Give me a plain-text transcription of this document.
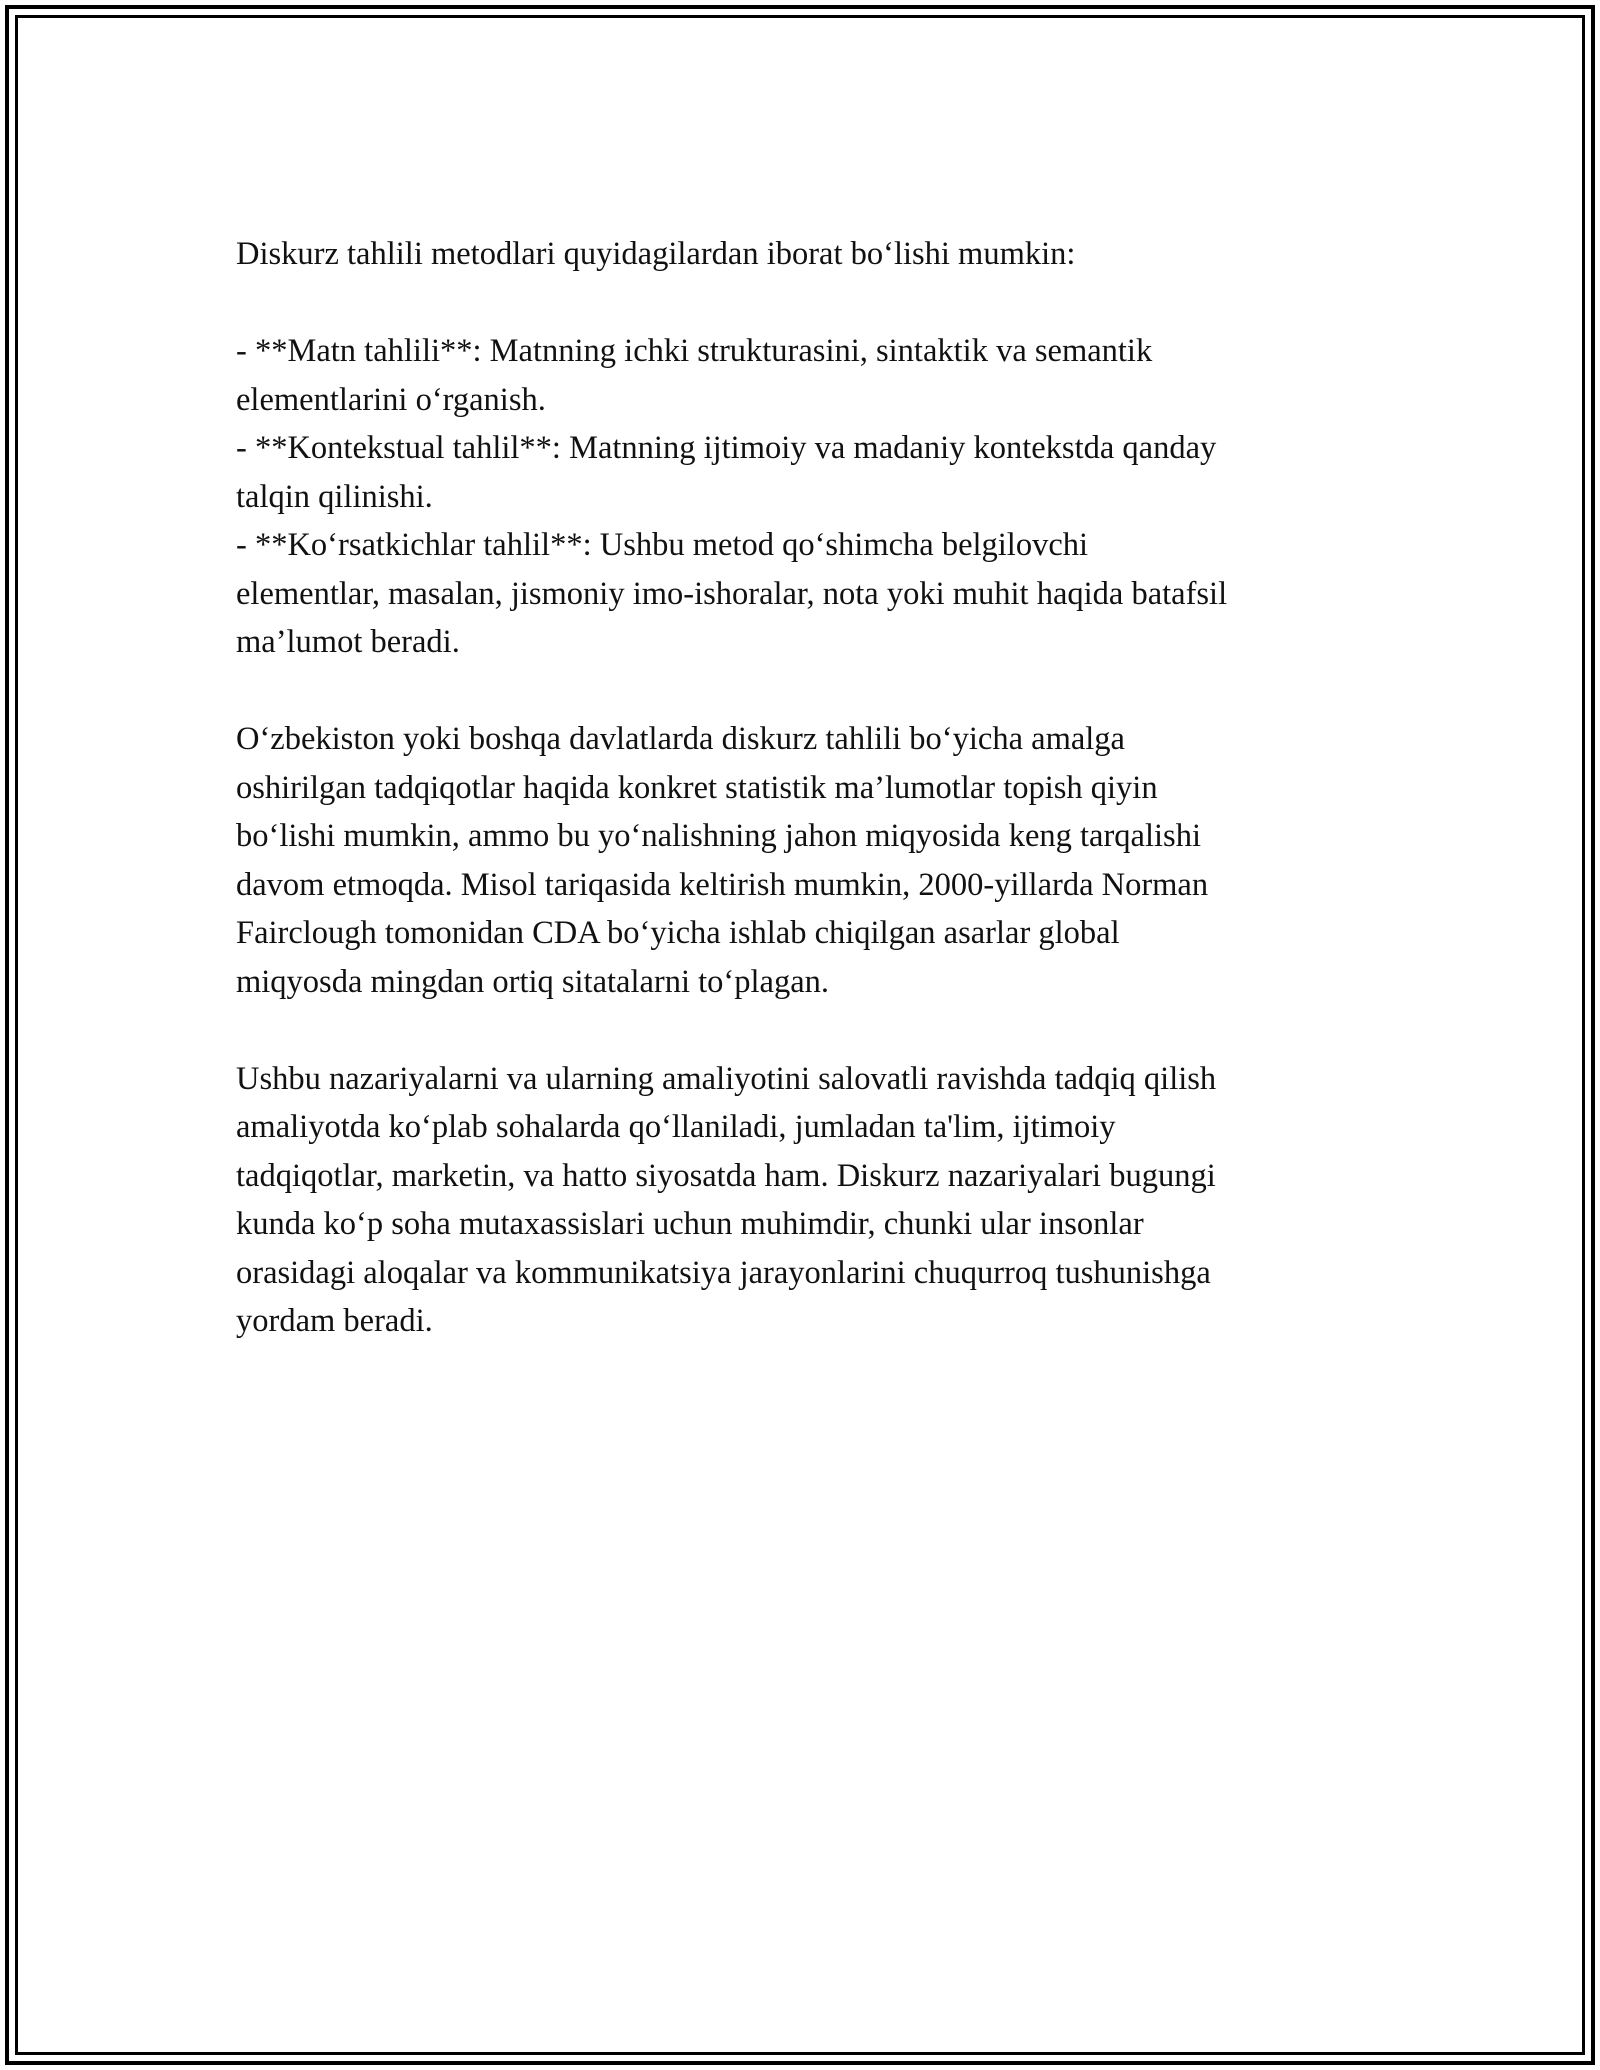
Diskurz tahlili metodlari quyidagilardan iborat bo‘lishi mumkin:

- **Matn tahlili**: Matnning ichki strukturasini, sintaktik va semantik
elementlarini o‘rganish.
- **Kontekstual tahlil**: Matnning ijtimoiy va madaniy kontekstda qanday
talqin qilinishi.
- **Ko‘rsatkichlar tahlil**: Ushbu metod qo‘shimcha belgilovchi
elementlar, masalan, jismoniy imo-ishoralar, nota yoki muhit haqida batafsil
ma’lumot beradi.

O‘zbekiston yoki boshqa davlatlarda diskurz tahlili bo‘yicha amalga
oshirilgan tadqiqotlar haqida konkret statistik ma’lumotlar topish qiyin
bo‘lishi mumkin, ammo bu yo‘nalishning jahon miqyosida keng tarqalishi
davom etmoqda. Misol tariqasida keltirish mumkin, 2000-yillarda Norman
Fairclough tomonidan CDA bo‘yicha ishlab chiqilgan asarlar global
miqyosda mingdan ortiq sitatalarni to‘plagan.

Ushbu nazariyalarni va ularning amaliyotini salovatli ravishda tadqiq qilish
amaliyotda ko‘plab sohalarda qo‘llaniladi, jumladan ta'lim, ijtimoiy
tadqiqotlar, marketin, va hatto siyosatda ham. Diskurz nazariyalari bugungi
kunda ko‘p soha mutaxassislari uchun muhimdir, chunki ular insonlar
orasidagi aloqalar va kommunikatsiya jarayonlarini chuqurroq tushunishga
yordam beradi.
